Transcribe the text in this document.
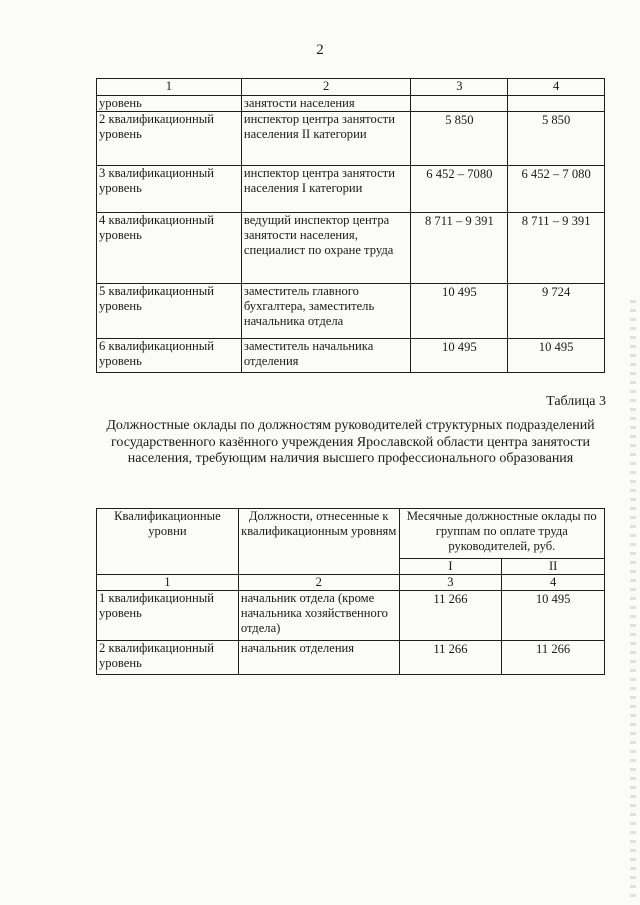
2
1	2	3	4
уровень	занятости населения		
2 квалификационный уровень	инспектор центра занятости населения II категории	5 850	5 850
3 квалификационный уровень	инспектор центра занятости населения I категории	6 452 – 7080	6 452 – 7 080
4 квалификационный уровень	ведущий инспектор центра занятости населения, специалист по охране труда	8 711 – 9 391	8 711 – 9 391
5 квалификационный уровень	заместитель главного бухгалтера, заместитель начальника отдела	10 495	9 724
6 квалификационный уровень	заместитель начальника отделения	10 495	10 495
Таблица 3
Должностные оклады по должностям руководителей структурных подразделений государственного казённого учреждения Ярославской области центра занятости населения, требующим наличия высшего профессионального образования
Квалификационные уровни	Должности, отнесенные к квалификационным уровням	Месячные должностные оклады по группам по оплате труда руководителей, руб.	
		I	II
1	2	3	4
1 квалификационный уровень	начальник отдела (кроме начальника хозяйственного отдела)	11 266	10 495
2 квалификационный уровень	начальник отделения	11 266	11 266
